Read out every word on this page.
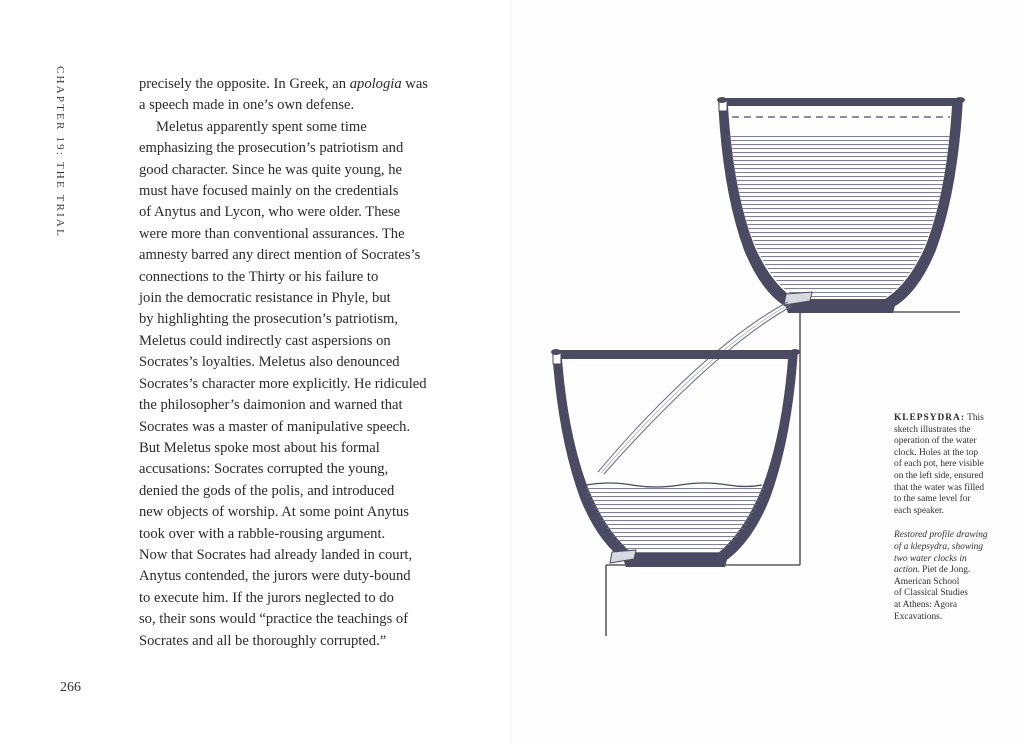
CHAPTER 19: THE TRIAL	precisely the opposite. In Greek, an apologia was
a speech made in one’s own defense.
Meletus apparently spent some time
emphasizing the prosecution’s patriotism and
good character. Since he was quite young, he
must have focused mainly on the credentials
of Anytus and Lycon, who were older. These
were more than conventional assurances. The
amnesty barred any direct mention of Socrates’s
connections to the Thirty or his failure to
join the democratic resistance in Phyle, but
by highlighting the prosecution’s patriotism,
Meletus could indirectly cast aspersions on
Socrates’s loyalties. Meletus also denounced
Socrates’s character more explicitly. He ridiculed
the philosopher’s daimonion and warned that
Socrates was a master of manipulative speech.
But Meletus spoke most about his formal
accusations: Socrates corrupted the young,
denied the gods of the polis, and introduced
new objects of worship. At some point Anytus
took over with a rabble-rousing argument.
Now that Socrates had already landed in court,
Anytus contended, the jurors were duty-bound
to execute him. If the jurors neglected to do
so, their sons would “practice the teachings of
Socrates and all be thoroughly corrupted.”
266
KLEPSYDRA: This
sketch illustrates the
operation of the water
clock. Holes at the top
of each pot, here visible
on the left side, ensured
that the water was filled
to the same level for
each speaker.
Restored profile drawing
of a klepsydra, showing
two water clocks in
action. Piet de Jong.
American School
of Classical Studies
at Athens: Agora
Excavations.
